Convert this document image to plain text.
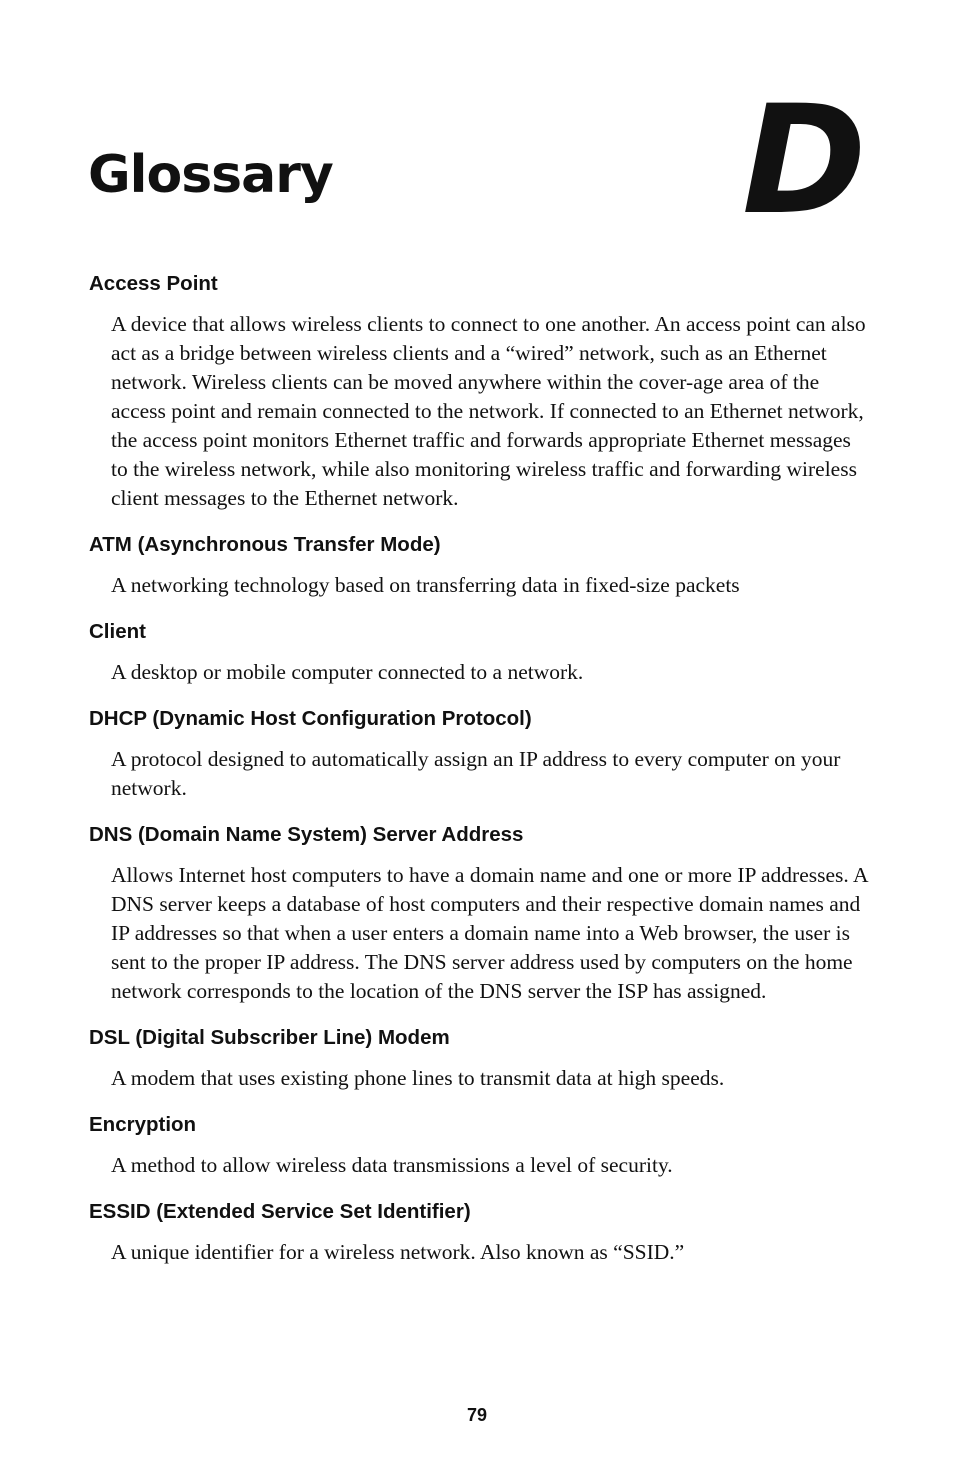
Glossary	D
Access Point

A device that allows wireless clients to connect to one another. An access point can also act as a bridge between wireless clients and a “wired” network, such as an Ethernet network. Wireless clients can be moved anywhere within the cover-age area of the access point and remain connected to the network. If connected to an Ethernet network, the access point monitors Ethernet traffic and forwards appropriate Ethernet messages to the wireless network, while also monitoring wireless traffic and forwarding wireless client messages to the Ethernet network.

ATM (Asynchronous Transfer Mode)

A networking technology based on transferring data in fixed-size packets

Client

A desktop or mobile computer connected to a network.

DHCP (Dynamic Host Configuration Protocol)

A protocol designed to automatically assign an IP address to every computer on your network.

DNS (Domain Name System) Server Address

Allows Internet host computers to have a domain name and one or more IP addresses. A DNS server keeps a database of host computers and their respective domain names and IP addresses so that when a user enters a domain name into a Web browser, the user is sent to the proper IP address. The DNS server address used by computers on the home network corresponds to the location of the DNS server the ISP has assigned.

DSL (Digital Subscriber Line) Modem

A modem that uses existing phone lines to transmit data at high speeds.

Encryption

A method to allow wireless data transmissions a level of security.

ESSID (Extended Service Set Identifier)

A unique identifier for a wireless network. Also known as “SSID.”

79
